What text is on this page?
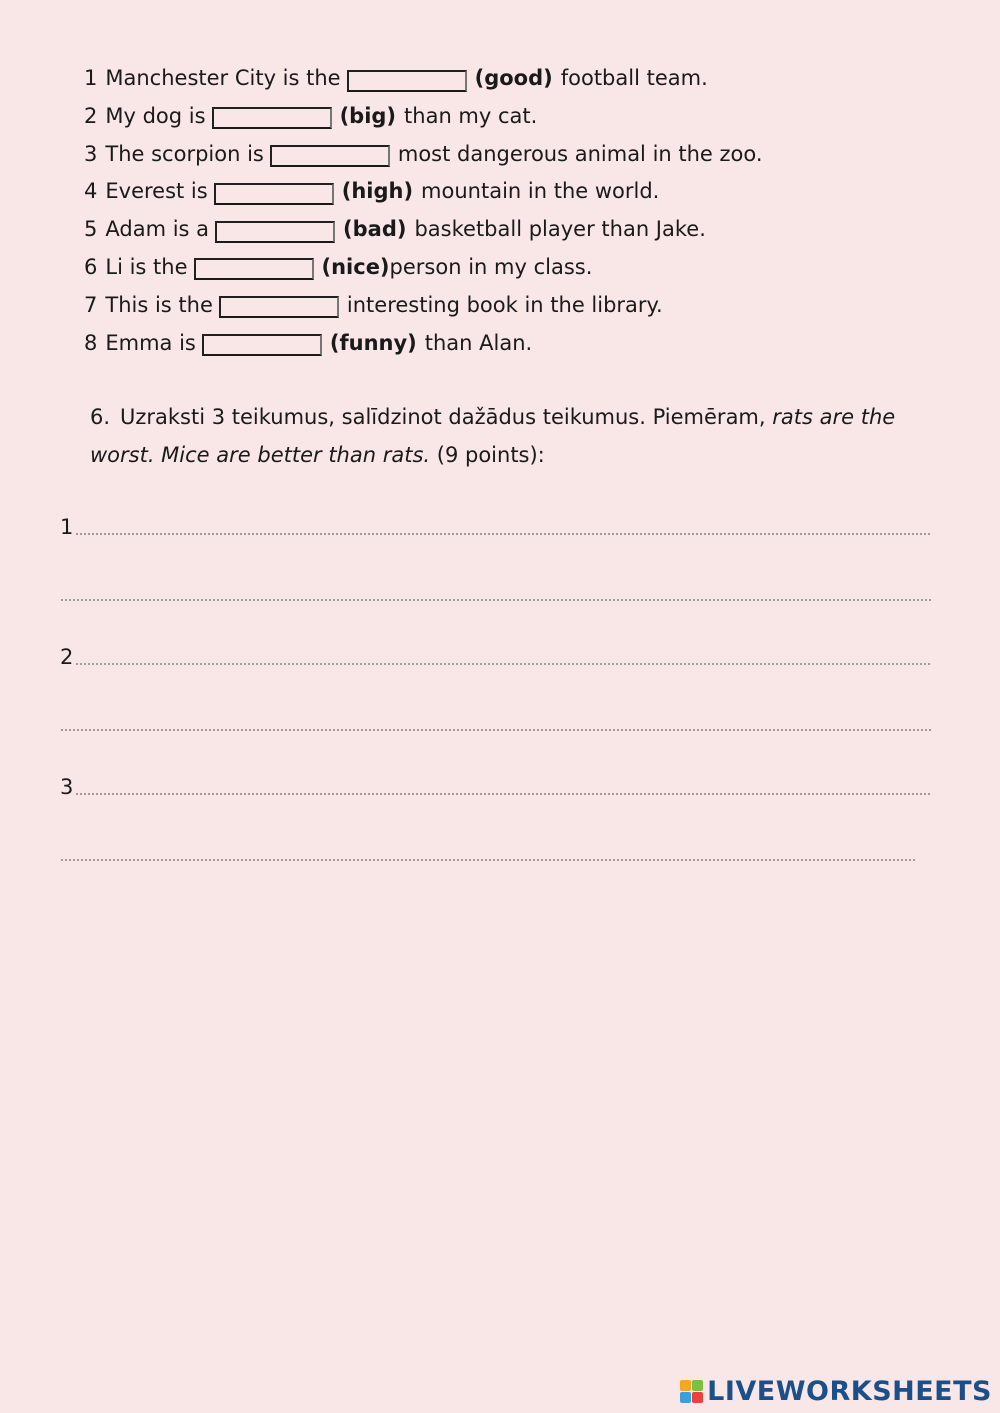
1 Manchester City is the	(good) football team.
2 My dog is	(big) than my cat.
3 The scorpion is	most dangerous animal in the zoo.
4 Everest is	(high) mountain in the world.
5 Adam is a	(bad) basketball player than Jake.
6 Li is the	(nice)person in my class.
7 This is the	interesting book in the library.
8 Emma is	(funny) than Alan.
6. Uzraksti 3 teikumus, salīdzinot dažādus teikumus. Piemēram, rats are the worst. Mice are better than rats. (9 points):
1
2
3
LIVEWORKSHEETS
